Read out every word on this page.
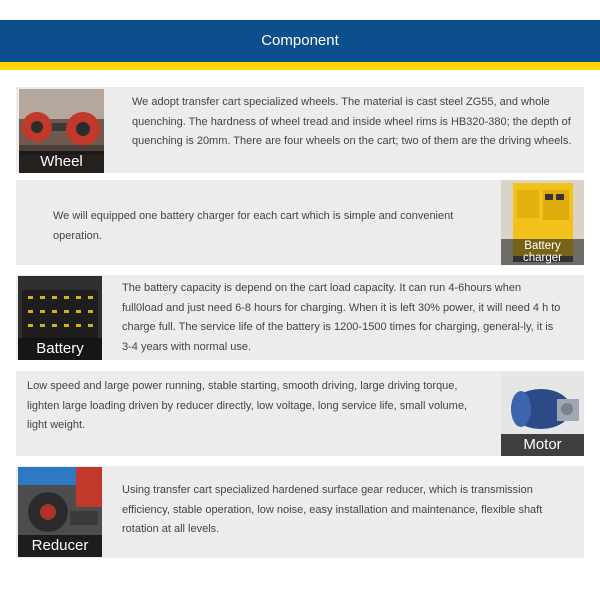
Component
Wheel
We adopt transfer cart specialized wheels. The material is cast steel ZG55, and whole quenching. The hardness of wheel tread and inside wheel rims is HB320-380; the depth of quenching is 20mm. There are four wheels on the cart; two of them are the driving wheels.
We will equipped one battery charger for each cart which is simple and convenient operation.
Battery
charger
Battery
The battery capacity is depend on the cart load capacity. It can run 4-6hours when full0load and just need 6-8 hours for charging. When it is left 30% power, it will need 4 h to charge full. The service life of the battery is 1200-1500 times for charging, general-ly, it is 3-4 years with normal use.
Low speed and large power running, stable starting, smooth driving, large driving torque, lighten large loading driven by reducer directly, low voltage, long service life, small volume, light weight.
Motor
Reducer
Using transfer cart specialized hardened surface gear reducer, which is transmission efficiency, stable operation, low noise, easy installation and maintenance, flexible shaft rotation at all levels.
